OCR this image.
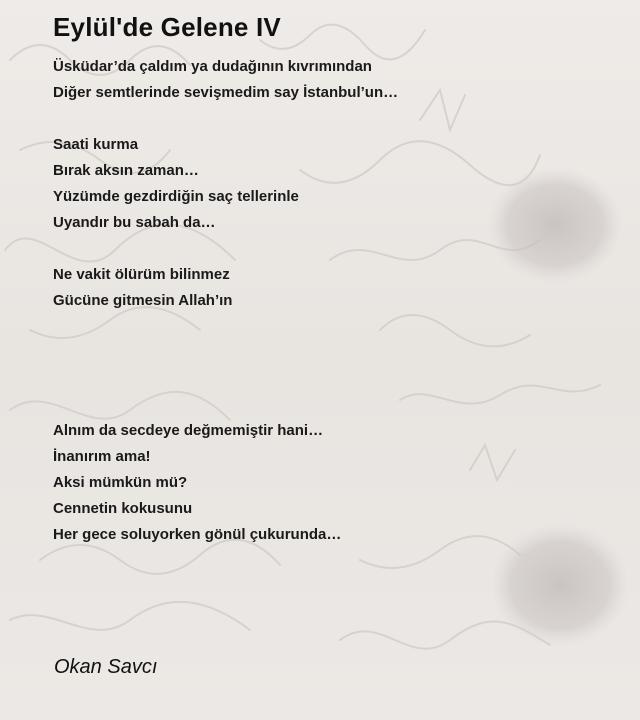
Eylül'de Gelene IV
Üsküdar’da çaldım ya dudağının kıvrımından
Diğer semtlerinde sevişmedim say İstanbul’un…
Saati kurma
Bırak aksın zaman…
Yüzümde gezdirdiğin saç tellerinle
Uyandır bu sabah da…
Ne vakit ölürüm bilinmez
Gücüne gitmesin Allah’ın
Alnım da secdeye değmemiştir hani…
İnanırım ama!
Aksi mümkün mü?
Cennetin kokusunu
Her gece soluyorken gönül çukurunda…
Okan Savcı
